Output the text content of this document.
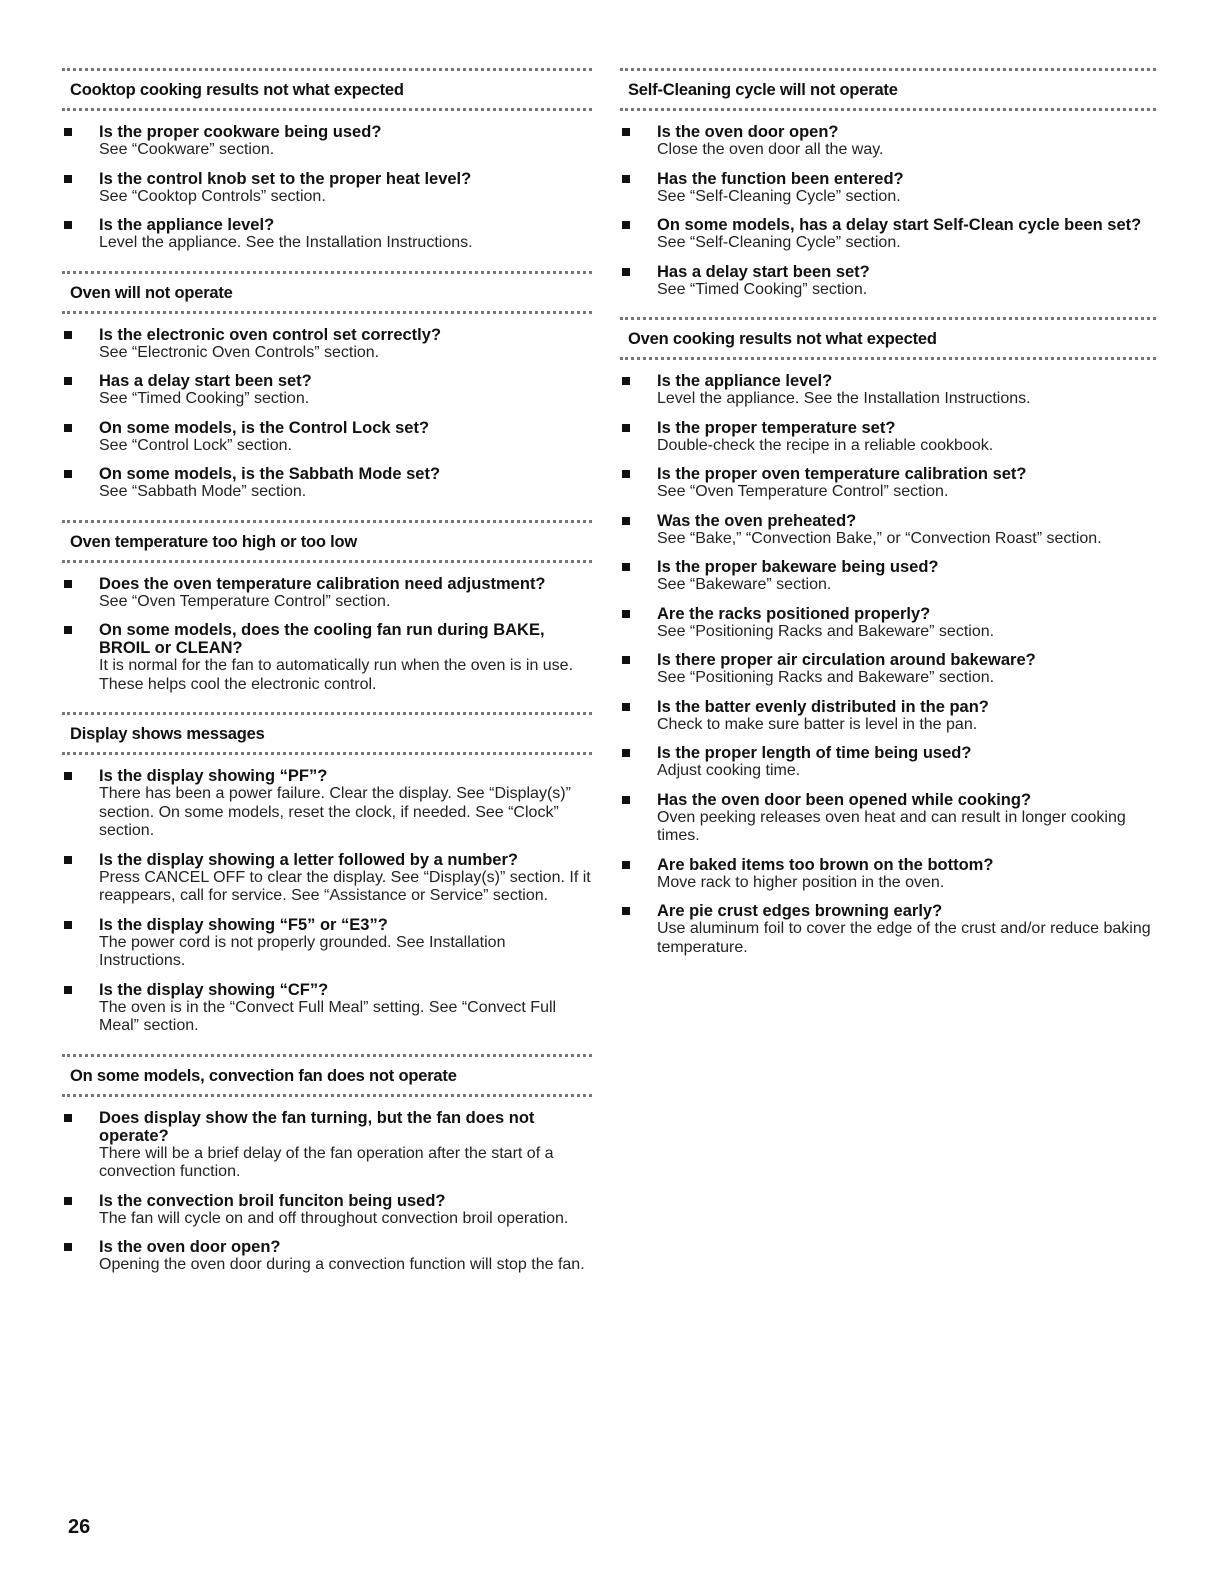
Cooktop cooking results not what expected
Is the proper cookware being used?
See “Cookware” section.
Is the control knob set to the proper heat level?
See “Cooktop Controls” section.
Is the appliance level?
Level the appliance. See the Installation Instructions.
Oven will not operate
Is the electronic oven control set correctly?
See “Electronic Oven Controls” section.
Has a delay start been set?
See “Timed Cooking” section.
On some models, is the Control Lock set?
See “Control Lock” section.
On some models, is the Sabbath Mode set?
See “Sabbath Mode” section.
Oven temperature too high or too low
Does the oven temperature calibration need adjustment?
See “Oven Temperature Control” section.
On some models, does the cooling fan run during BAKE, BROIL or CLEAN?
It is normal for the fan to automatically run when the oven is in use. These helps cool the electronic control.
Display shows messages
Is the display showing “PF”?
There has been a power failure. Clear the display. See “Display(s)” section. On some models, reset the clock, if needed. See “Clock” section.
Is the display showing a letter followed by a number?
Press CANCEL OFF to clear the display. See “Display(s)” section. If it reappears, call for service. See “Assistance or Service” section.
Is the display showing “F5” or “E3”?
The power cord is not properly grounded. See Installation Instructions.
Is the display showing “CF”?
The oven is in the “Convect Full Meal” setting. See “Convect Full Meal” section.
On some models, convection fan does not operate
Does display show the fan turning, but the fan does not operate?
There will be a brief delay of the fan operation after the start of a convection function.
Is the convection broil funciton being used?
The fan will cycle on and off throughout convection broil operation.
Is the oven door open?
Opening the oven door during a convection function will stop the fan.
Self-Cleaning cycle will not operate
Is the oven door open?
Close the oven door all the way.
Has the function been entered?
See “Self-Cleaning Cycle” section.
On some models, has a delay start Self-Clean cycle been set?
See “Self-Cleaning Cycle” section.
Has a delay start been set?
See “Timed Cooking” section.
Oven cooking results not what expected
Is the appliance level?
Level the appliance. See the Installation Instructions.
Is the proper temperature set?
Double-check the recipe in a reliable cookbook.
Is the proper oven temperature calibration set?
See “Oven Temperature Control” section.
Was the oven preheated?
See “Bake,” “Convection Bake,” or “Convection Roast” section.
Is the proper bakeware being used?
See “Bakeware” section.
Are the racks positioned properly?
See “Positioning Racks and Bakeware” section.
Is there proper air circulation around bakeware?
See “Positioning Racks and Bakeware” section.
Is the batter evenly distributed in the pan?
Check to make sure batter is level in the pan.
Is the proper length of time being used?
Adjust cooking time.
Has the oven door been opened while cooking?
Oven peeking releases oven heat and can result in longer cooking times.
Are baked items too brown on the bottom?
Move rack to higher position in the oven.
Are pie crust edges browning early?
Use aluminum foil to cover the edge of the crust and/or reduce baking temperature.
26
